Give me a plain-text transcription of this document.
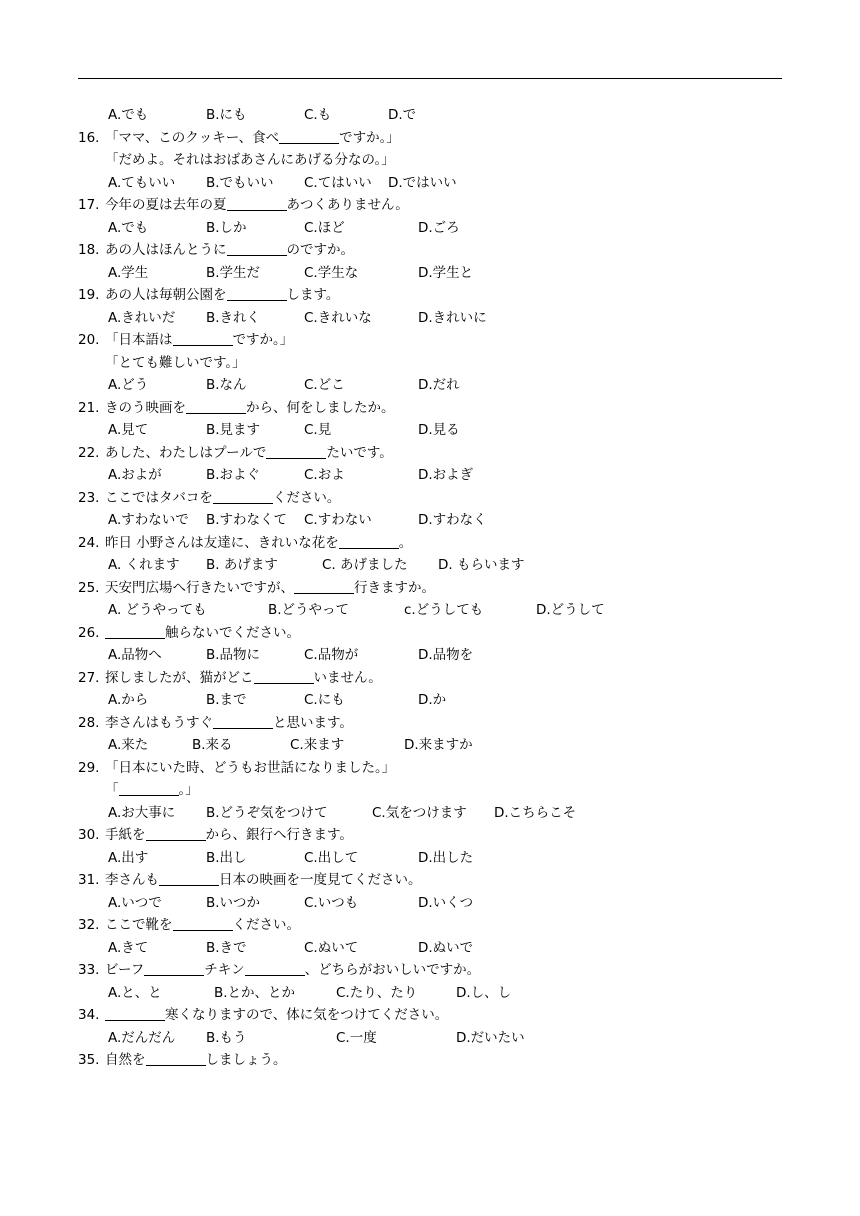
A.でも	B.にも	C.も	D.で
16. 「ママ、このクッキー、食べ	ですか。」
「だめよ。それはおばあさんにあげる分なの。」
A.てもいい B.でもいい C.てはいい D.ではいい
17. 今年の夏は去年の夏	あつくありません。
A.でも	B.しか	C.ほど	D.ごろ
18. あの人はほんとうに	のですか。
A.学生	B.学生だ	C.学生な	D.学生と
19. あの人は毎朝公園を	します。
A.きれいだ B.きれく	C.きれいな	D.きれいに
20. 「日本語は	ですか。」
「とても難しいです。」
A.どう	B.なん	C.どこ	D.だれ
21. きのう映画を	から、何をしましたか。
A.見て	B.見ます	C.見	D.見る
22. あした、わたしはプールで	たいです。
A.およが	B.およぐ	C.およ	D.およぎ
23. ここではタバコを	ください。
A.すわないで B.すわなくて C.すわない	D.すわなく
24. 昨日 小野さんは友達に、きれいな花を	。
A. くれます B. あげます	C. あげました D. もらいます
25. 天安門広場へ行きたいですが、	行きますか。
A. どうやっても	B.どうやって	c.どうしても	D.どうして
26.	触らないでください。
A.品物へ	B.品物に	C.品物が	D.品物を
27. 探しましたが、猫がどこ	いません。
A.から	B.まで	C.にも	D.か
28. 李さんはもうすぐ	と思います。
A.来た	B.来る	C.来ます	D.来ますか
29. 「日本にいた時、どうもお世話になりました。」
「	。」
A.お大事に B.どうぞ気をつけて	C.気をつけます D.こちらこそ
30. 手紙を	から、銀行へ行きます。
A.出す	B.出し	C.出して	D.出した
31. 李さんも	日本の映画を一度見てください。
A.いつで	B.いつか	C.いつも	D.いくつ
32. ここで靴を	ください。
A.きて	B.きで	C.ぬいて	D.ぬいで
33. ビーフ	チキン	、どちらがおいしいですか。
A.と、と	B.とか、とか	C.たり、たり	D.し、し
34.	寒くなりますので、体に気をつけてください。
A.だんだん B.もう	C.一度	D.だいたい
35. 自然を	しましょう。
